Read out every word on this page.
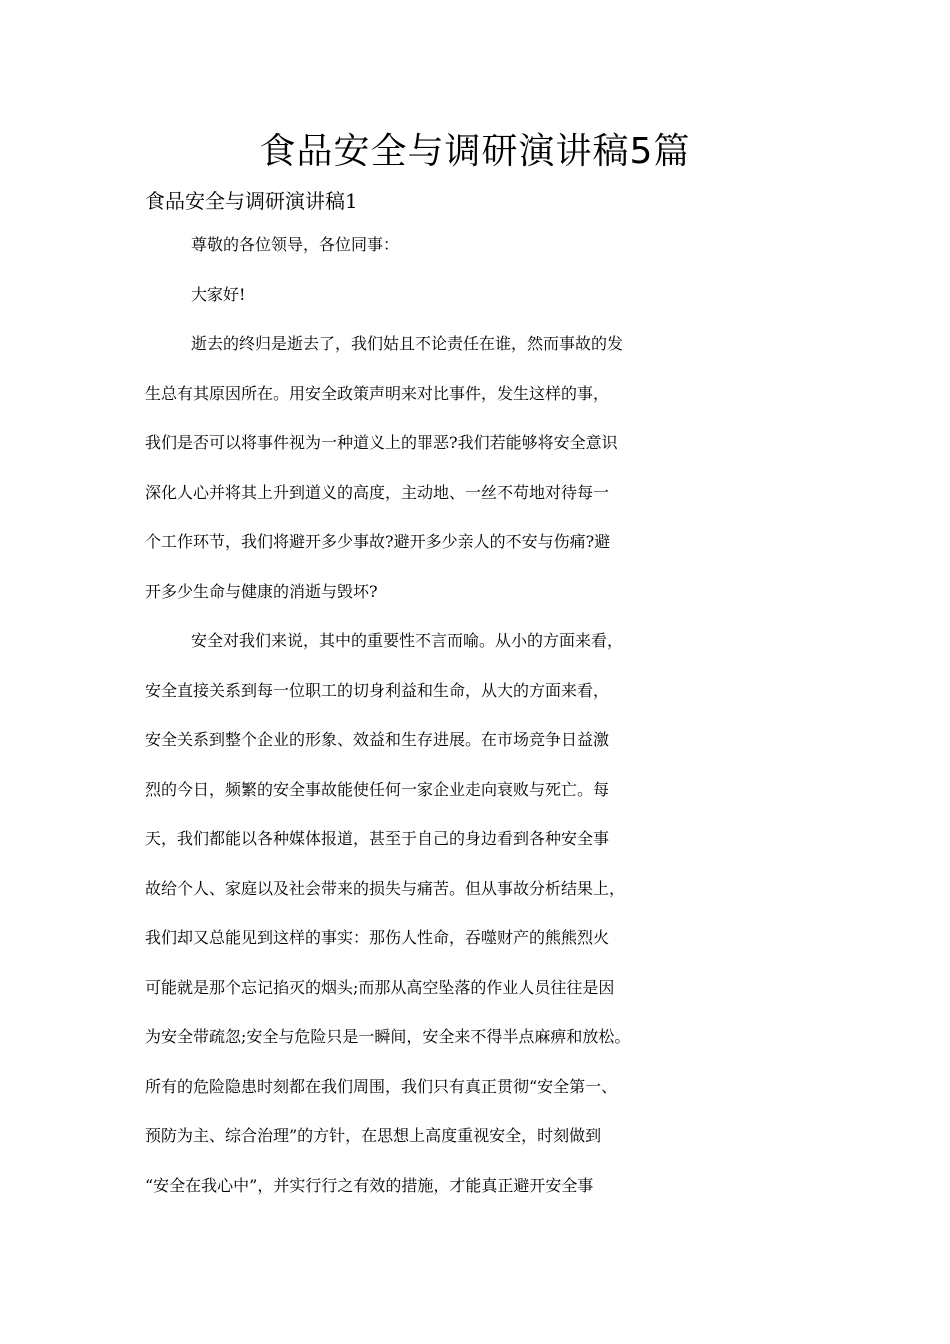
食品安全与调研演讲稿5篇
食品安全与调研演讲稿1
尊敬的各位领导，各位同事：
大家好!
逝去的终归是逝去了，我们姑且不论责任在谁，然而事故的发
生总有其原因所在。用安全政策声明来对比事件，发生这样的事，
我们是否可以将事件视为一种道义上的罪恶?我们若能够将安全意识
深化人心并将其上升到道义的高度，主动地、一丝不苟地对待每一
个工作环节，我们将避开多少事故?避开多少亲人的不安与伤痛?避
开多少生命与健康的消逝与毁坏?
安全对我们来说，其中的重要性不言而喻。从小的方面来看，
安全直接关系到每一位职工的切身利益和生命，从大的方面来看，
安全关系到整个企业的形象、效益和生存进展。在市场竞争日益激
烈的今日，频繁的安全事故能使任何一家企业走向衰败与死亡。每
天，我们都能以各种媒体报道，甚至于自己的身边看到各种安全事
故给个人、家庭以及社会带来的损失与痛苦。但从事故分析结果上，
我们却又总能见到这样的事实：那伤人性命，吞噬财产的熊熊烈火
可能就是那个忘记掐灭的烟头;而那从高空坠落的作业人员往往是因
为安全带疏忽;安全与危险只是一瞬间，安全来不得半点麻痹和放松。
所有的危险隐患时刻都在我们周围，我们只有真正贯彻“安全第一、
预防为主、综合治理”的方针，在思想上高度重视安全，时刻做到
“安全在我心中”，并实行行之有效的措施，才能真正避开安全事
